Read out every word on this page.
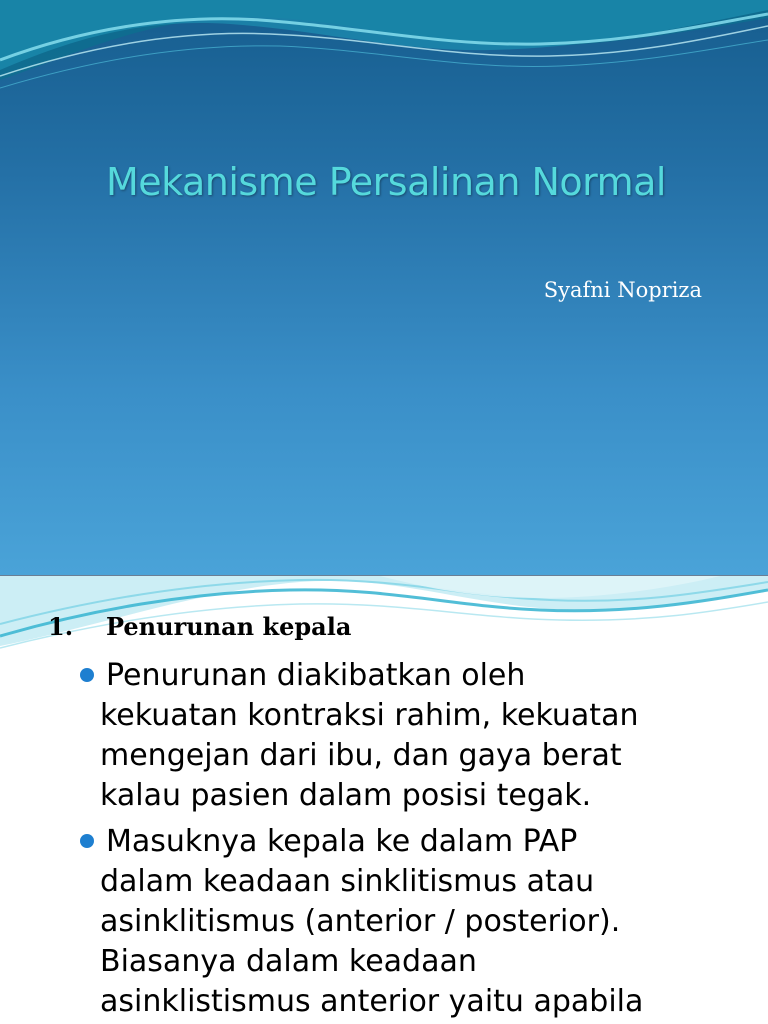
Mekanisme Persalinan Normal
Syafni Nopriza
1. Penurunan kepala

Penurunan diakibatkan oleh
kekuatan kontraksi rahim, kekuatan
mengejan dari ibu, dan gaya berat
kalau pasien dalam posisi tegak.

Masuknya kepala ke dalam PAP
dalam keadaan sinklitismus atau
asinklitismus (anterior / posterior).
Biasanya dalam keadaan
asinklistismus anterior yaitu apabila
